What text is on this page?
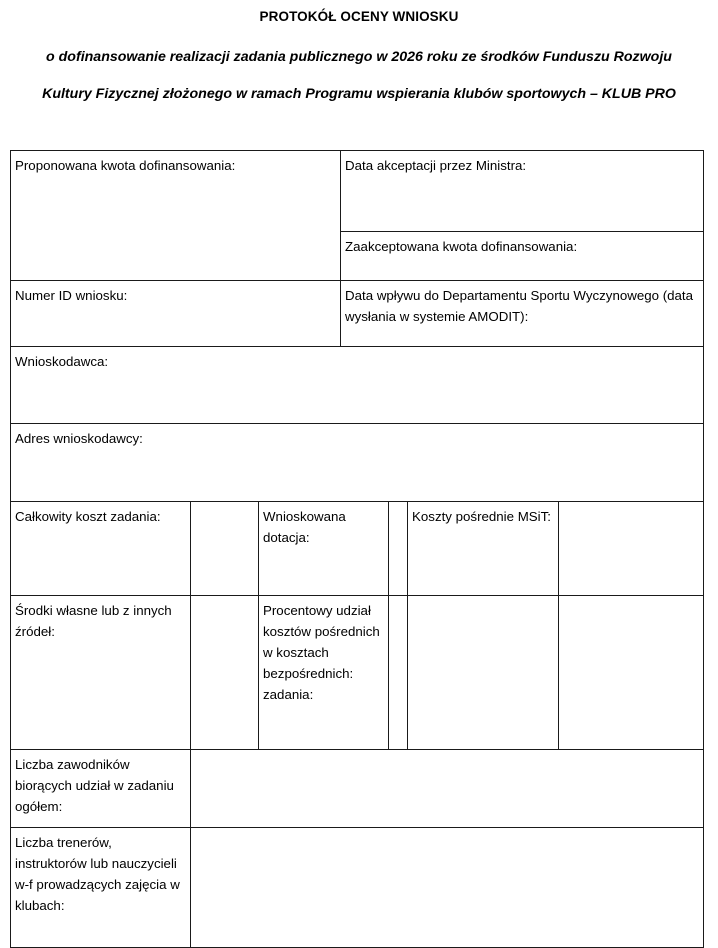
PROTOKÓŁ OCENY WNIOSKU

o dofinansowanie realizacji zadania publicznego w 2026 roku ze środków Funduszu Rozwoju

Kultury Fizycznej złożonego w ramach Programu wspierania klubów sportowych – KLUB PRO

Proponowana kwota dofinansowania:			Data akceptacji przez Ministra:			

			Zaakceptowana kwota dofinansowania:			

Numer ID wniosku:			Data wpływu do Departamentu Sportu Wyczynowego (data wysłania w systemie AMODIT):			

Wnioskodawca:						

Adres wnioskodawcy:						

Całkowity koszt zadania:		Wnioskowana dotacja:			Koszty pośrednie MSiT:	

Środki własne lub z innych źródeł:		Procentowy udział kosztów pośrednich w kosztach bezpośrednich: zadania:				

Liczba zawodników biorących udział w zadaniu ogółem:						

Liczba trenerów, instruktorów lub nauczycieli w-f prowadzących zajęcia w klubach:						
